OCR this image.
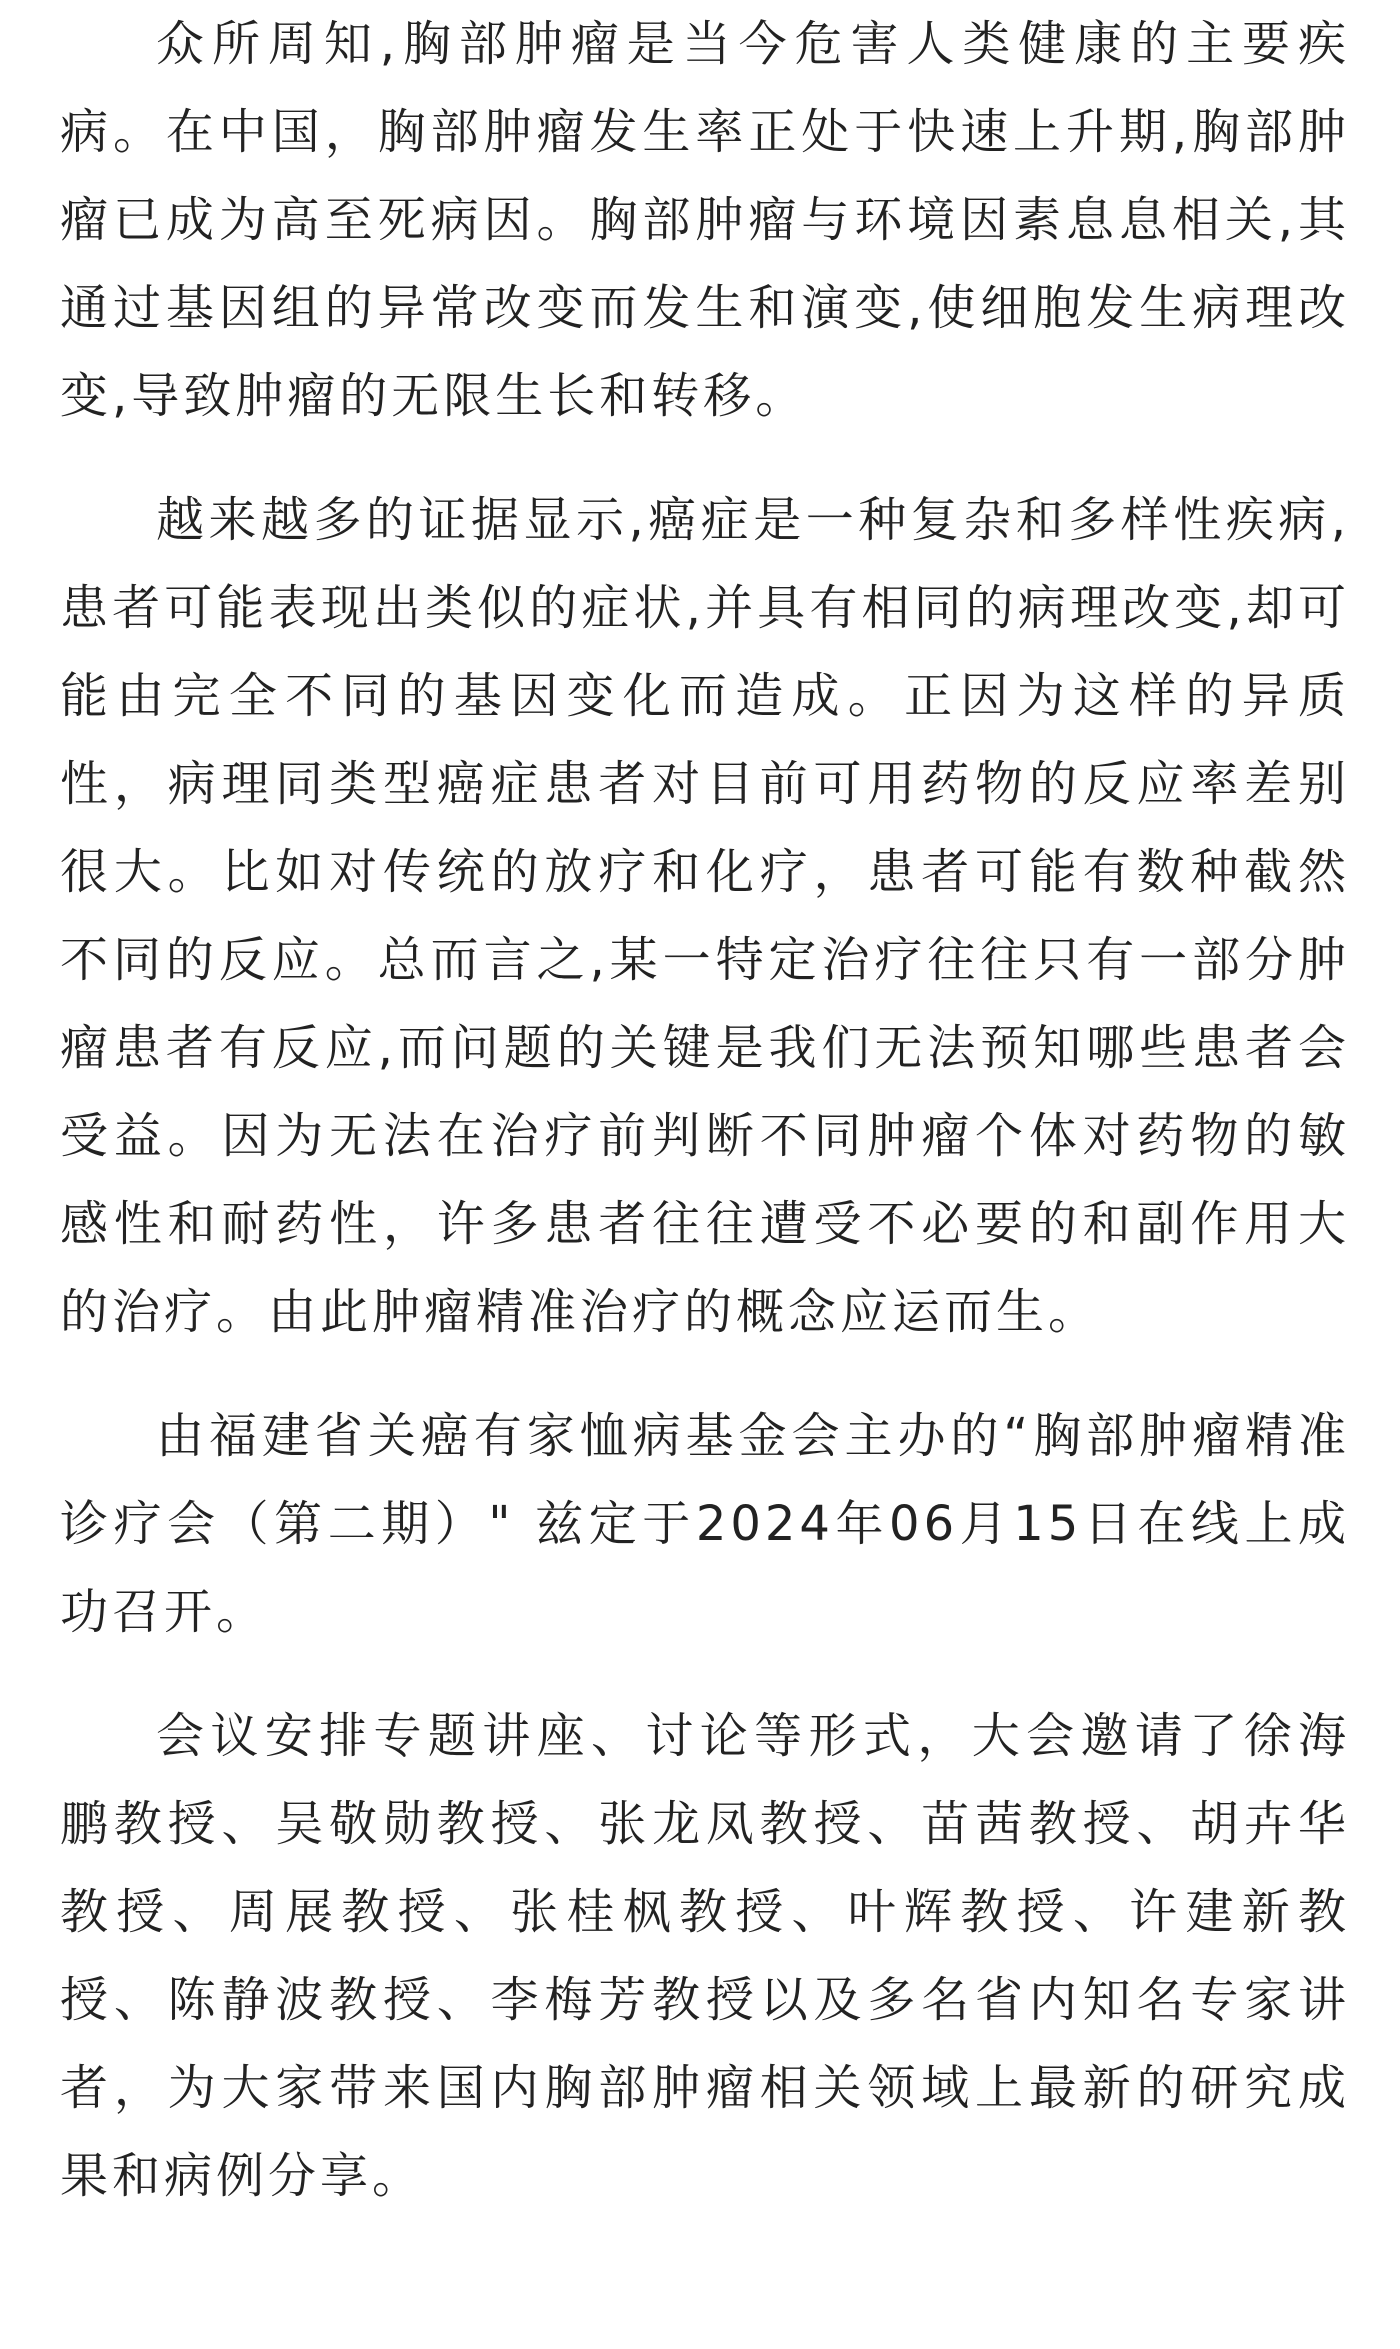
众所周知,胸部肿瘤是当今危害人类健康的主要疾病。在中国，胸部肿瘤发生率正处于快速上升期,胸部肿瘤已成为高至死病因。胸部肿瘤与环境因素息息相关,其通过基因组的异常改变而发生和演变,使细胞发生病理改变,导致肿瘤的无限生长和转移。

越来越多的证据显示,癌症是一种复杂和多样性疾病,患者可能表现出类似的症状,并具有相同的病理改变,却可能由完全不同的基因变化而造成。正因为这样的异质性，病理同类型癌症患者对目前可用药物的反应率差别很大。比如对传统的放疗和化疗，患者可能有数种截然不同的反应。总而言之,某一特定治疗往往只有一部分肿瘤患者有反应,而问题的关键是我们无法预知哪些患者会受益。因为无法在治疗前判断不同肿瘤个体对药物的敏感性和耐药性，许多患者往往遭受不必要的和副作用大的治疗。由此肿瘤精准治疗的概念应运而生。

由福建省关癌有家恤病基金会主办的“胸部肿瘤精准诊疗会（第二期）" 兹定于2024年06月15日在线上成功召开。

会议安排专题讲座、讨论等形式，大会邀请了徐海鹏教授、吴敬勋教授、张龙凤教授、苗茜教授、胡卉华教授、周展教授、张桂枫教授、叶辉教授、许建新教授、陈静波教授、李梅芳教授以及多名省内知名专家讲者，为大家带来国内胸部肿瘤相关领域上最新的研究成果和病例分享。
